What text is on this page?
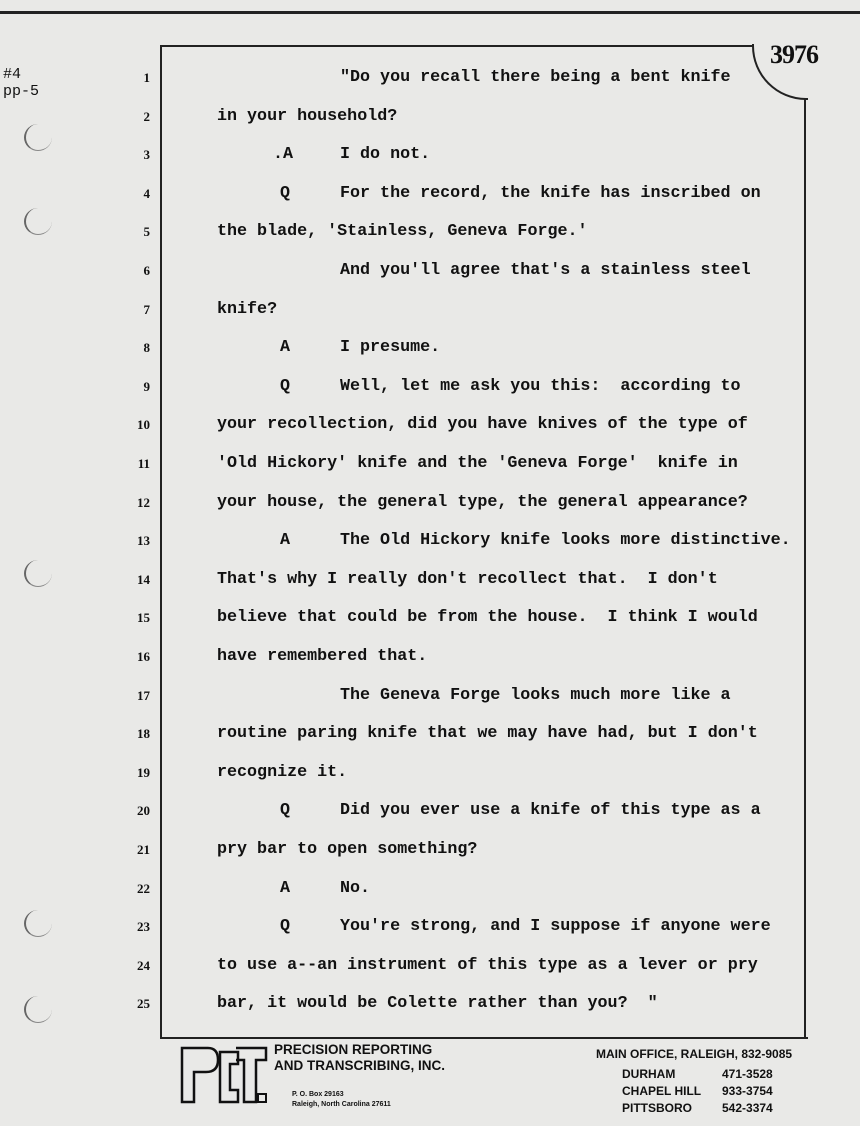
#4
pp-5
3976
1	"Do you recall there being a bent knife
2	in your household?
3	.A	I do not.
4	Q	For the record, the knife has inscribed on
5	the blade, 'Stainless, Geneva Forge.'
6	And you'll agree that's a stainless steel
7	knife?
8	A	I presume.
9	Q	Well, let me ask you this:  according to
10	your recollection, did you have knives of the type of
11	'Old Hickory' knife and the 'Geneva Forge'  knife in
12	your house, the general type, the general appearance?
13	A	The Old Hickory knife looks more distinctive.
14	That's why I really don't recollect that.  I don't
15	believe that could be from the house.  I think I would
16	have remembered that.
17	The Geneva Forge looks much more like a
18	routine paring knife that we may have had, but I don't
19	recognize it.
20	Q	Did you ever use a knife of this type as a
21	pry bar to open something?
22	A	No.
23	Q	You're strong, and I suppose if anyone were
24	to use a--an instrument of this type as a lever or pry
25	bar, it would be Colette rather than you?  "
PRECISION REPORTING
AND TRANSCRIBING, INC.
P. O. Box 29163
Raleigh, North Carolina 27611
MAIN OFFICE, RALEIGH, 832-9085
DURHAM	471-3528
CHAPEL HILL	933-3754
PITTSBORO	542-3374
